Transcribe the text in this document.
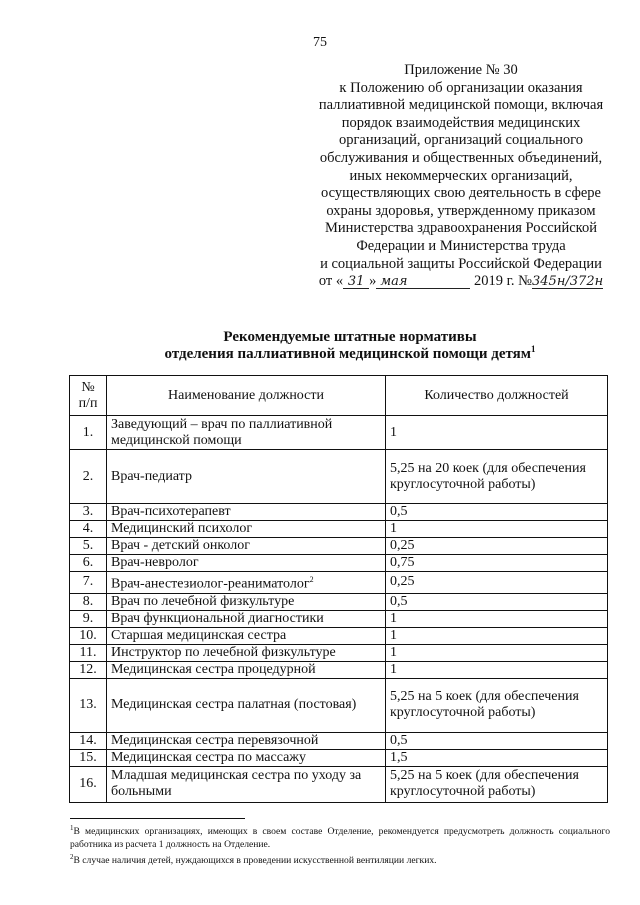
75
Приложение № 30
к Положению об организации оказания
паллиативной медицинской помощи, включая
порядок взаимодействия медицинских
организаций, организаций социального
обслуживания и общественных объединений,
иных некоммерческих организаций,
осуществляющих свою деятельность в сфере
охраны здоровья, утвержденному приказом
Министерства здравоохранения Российской
Федерации и Министерства труда
и социальной защиты Российской Федерации
от « 31 » мая	2019 г. №345н/372н
Рекомендуемые штатные нормативы
отделения паллиативной медицинской помощи детям$^1$
№ п/п	Наименование должности	Количество должностей
1.	Заведующий – врач по паллиативной медицинской помощи	1
2.	Врач-педиатр	5,25 на 20 коек (для обеспечения круглосуточной работы)
3.	Врач-психотерапевт	0,5
4.	Медицинский психолог	1
5.	Врач - детский онколог	0,25
6.	Врач-невролог	0,75
7.	Врач-анестезиолог-реаниматолог$^2$	0,25
8.	Врач по лечебной физкультуре	0,5
9.	Врач функциональной диагностики	1
10.	Старшая медицинская сестра	1
11.	Инструктор по лечебной физкультуре	1
12.	Медицинская сестра процедурной	1
13.	Медицинская сестра палатная (постовая)	5,25 на 5 коек (для обеспечения круглосуточной работы)
14.	Медицинская сестра перевязочной	0,5
15.	Медицинская сестра по массажу	1,5
16.	Младшая медицинская сестра по уходу за больными	5,25 на 5 коек (для обеспечения круглосуточной работы)

$^1$В медицинских организациях, имеющих в своем составе Отделение, рекомендуется предусмотреть должность социального работника из расчета 1 должность на Отделение.

$^2$В случае наличия детей, нуждающихся в проведении искусственной вентиляции легких.
